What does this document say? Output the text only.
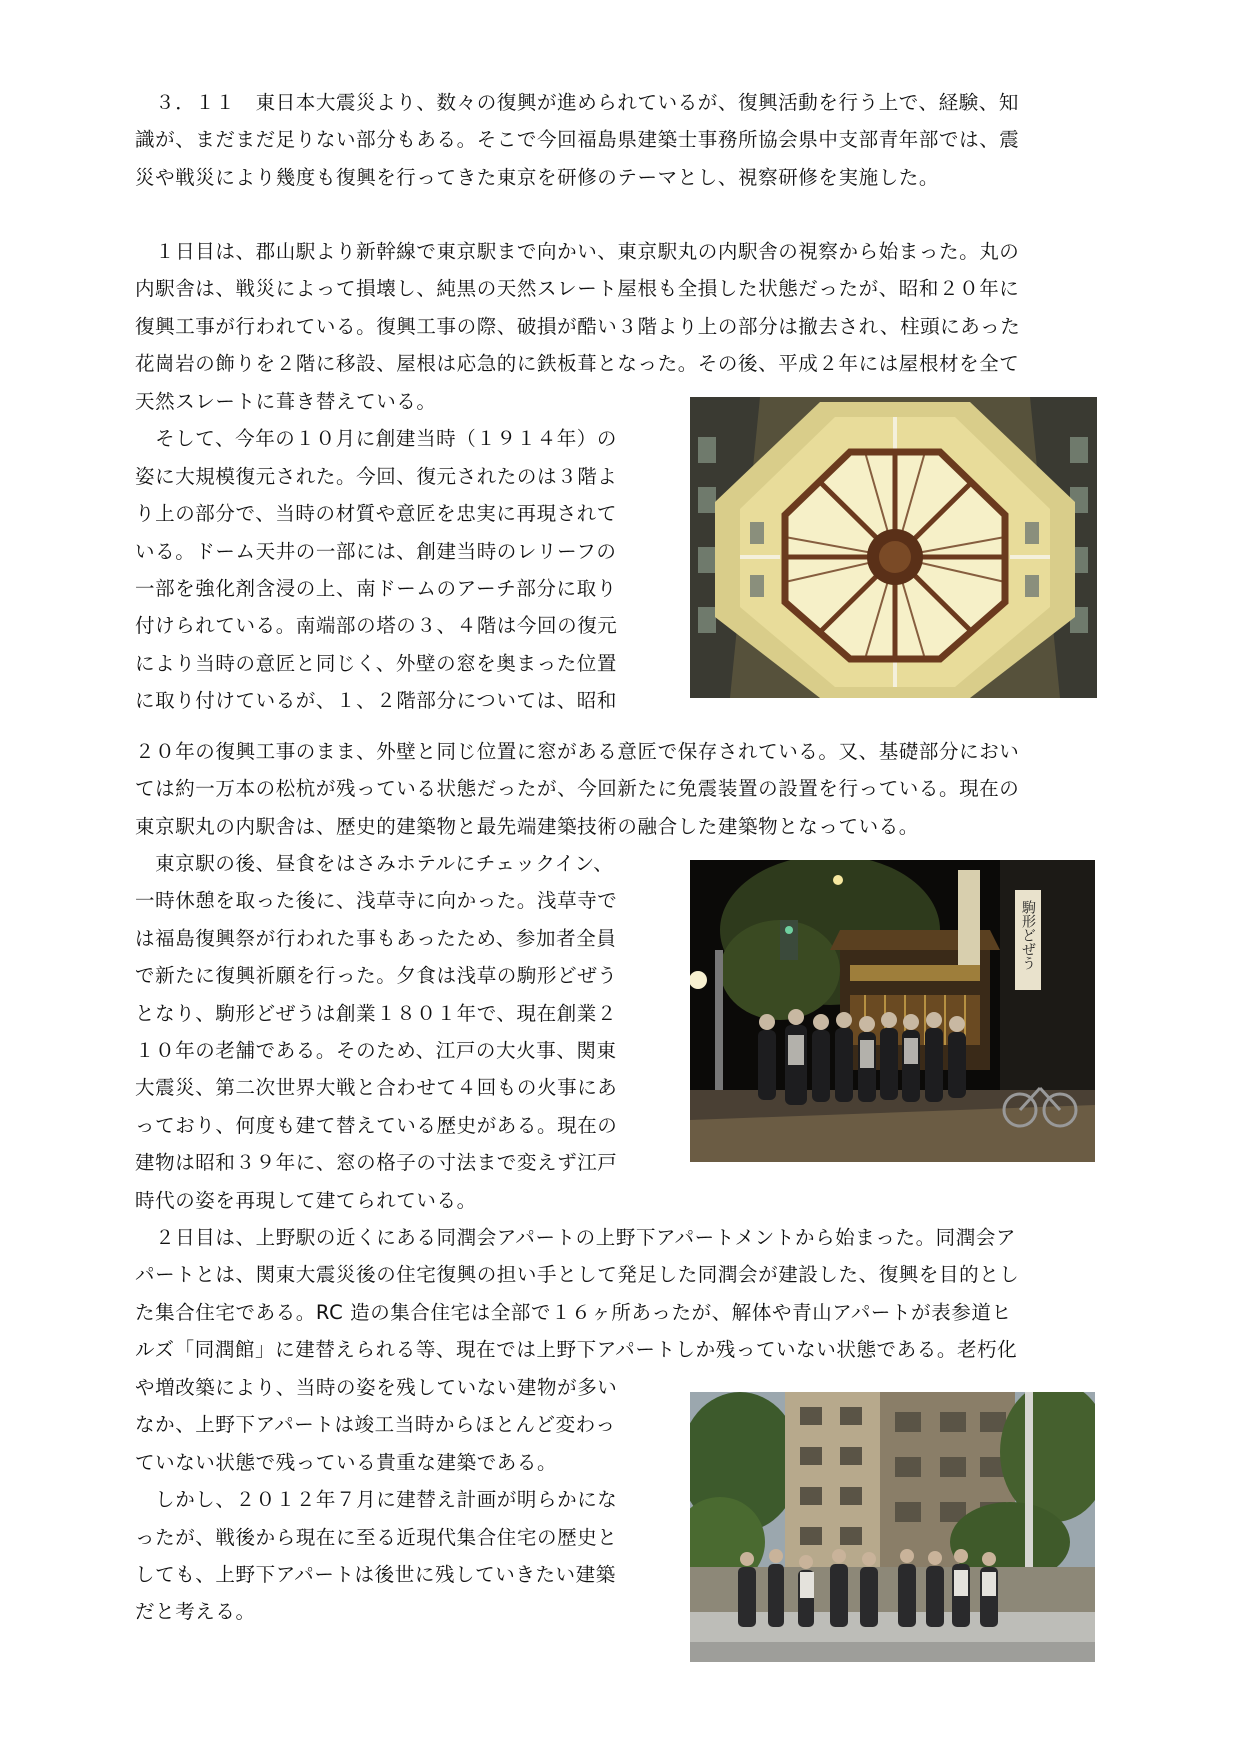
　３．１１　東日本大震災より、数々の復興が進められているが、復興活動を行う上で、経験、知
識が、まだまだ足りない部分もある。そこで今回福島県建築士事務所協会県中支部青年部では、震
災や戦災により幾度も復興を行ってきた東京を研修のテーマとし、視察研修を実施した。

　１日目は、郡山駅より新幹線で東京駅まで向かい、東京駅丸の内駅舎の視察から始まった。丸の
内駅舎は、戦災によって損壊し、純黒の天然スレート屋根も全損した状態だったが、昭和２０年に
復興工事が行われている。復興工事の際、破損が酷い３階より上の部分は撤去され、柱頭にあった
花崗岩の飾りを２階に移設、屋根は応急的に鉄板葺となった。その後、平成２年には屋根材を全て

天然スレートに葺き替えている。
　そして、今年の１０月に創建当時（１９１４年）の
姿に大規模復元された。今回、復元されたのは３階よ
り上の部分で、当時の材質や意匠を忠実に再現されて
いる。ドーム天井の一部には、創建当時のレリーフの
一部を強化剤含浸の上、南ドームのアーチ部分に取り
付けられている。南端部の塔の３、４階は今回の復元
により当時の意匠と同じく、外壁の窓を奥まった位置
に取り付けているが、１、２階部分については、昭和

２０年の復興工事のまま、外壁と同じ位置に窓がある意匠で保存されている。又、基礎部分におい
ては約一万本の松杭が残っている状態だったが、今回新たに免震装置の設置を行っている。現在の
東京駅丸の内駅舎は、歴史的建築物と最先端建築技術の融合した建築物となっている。

　東京駅の後、昼食をはさみホテルにチェックイン、
一時休憩を取った後に、浅草寺に向かった。浅草寺で
は福島復興祭が行われた事もあったため、参加者全員
で新たに復興祈願を行った。夕食は浅草の駒形どぜう
となり、駒形どぜうは創業１８０１年で、現在創業２
１０年の老舗である。そのため、江戸の大火事、関東
大震災、第二次世界大戦と合わせて４回もの火事にあ
っており、何度も建て替えている歴史がある。現在の
建物は昭和３９年に、窓の格子の寸法まで変えず江戸
時代の姿を再現して建てられている。

駒形どぜう

　２日目は、上野駅の近くにある同潤会アパートの上野下アパートメントから始まった。同潤会ア
パートとは、関東大震災後の住宅復興の担い手として発足した同潤会が建設した、復興を目的とし
た集合住宅である。RC 造の集合住宅は全部で１６ヶ所あったが、解体や青山アパートが表参道ヒ
ルズ「同潤館」に建替えられる等、現在では上野下アパートしか残っていない状態である。老朽化

や増改築により、当時の姿を残していない建物が多い
なか、上野下アパートは竣工当時からほとんど変わっ
ていない状態で残っている貴重な建築である。
　しかし、２０１２年７月に建替え計画が明らかにな
ったが、戦後から現在に至る近現代集合住宅の歴史と
しても、上野下アパートは後世に残していきたい建築
だと考える。
